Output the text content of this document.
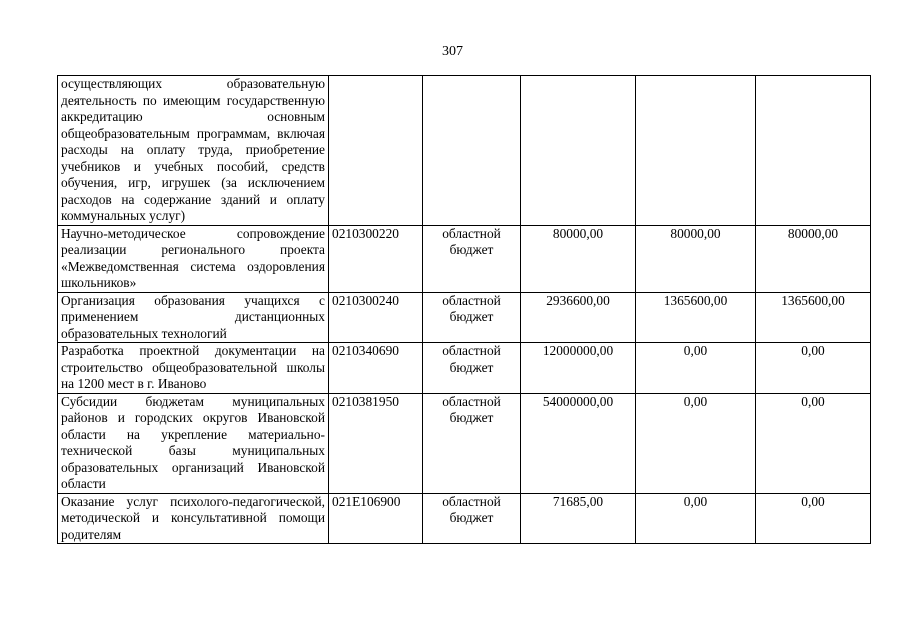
307
осуществляющих образовательную деятельность по имеющим государственную аккредитацию основным общеобразовательным программам, включая расходы на оплату труда, приобретение учебников и учебных пособий, средств обучения, игр, игрушек (за исключением расходов на содержание зданий и оплату коммунальных услуг)					
Научно-методическое сопровождение реализации регионального проекта «Межведомственная система оздоровления школьников»	0210300220	областной бюджет	80000,00	80000,00	80000,00
Организация образования учащихся с применением дистанционных образовательных технологий	0210300240	областной бюджет	2936600,00	1365600,00	1365600,00
Разработка проектной документации на строительство общеобразовательной школы на 1200 мест в г. Иваново	0210340690	областной бюджет	12000000,00	0,00	0,00
Субсидии бюджетам муниципальных районов и городских округов Ивановской области на укрепление материально-технической базы муниципальных образовательных организаций Ивановской области	0210381950	областной бюджет	54000000,00	0,00	0,00
Оказание услуг психолого-педагогической, методической и консультативной помощи родителям	021E106900	областной бюджет	71685,00	0,00	0,00
